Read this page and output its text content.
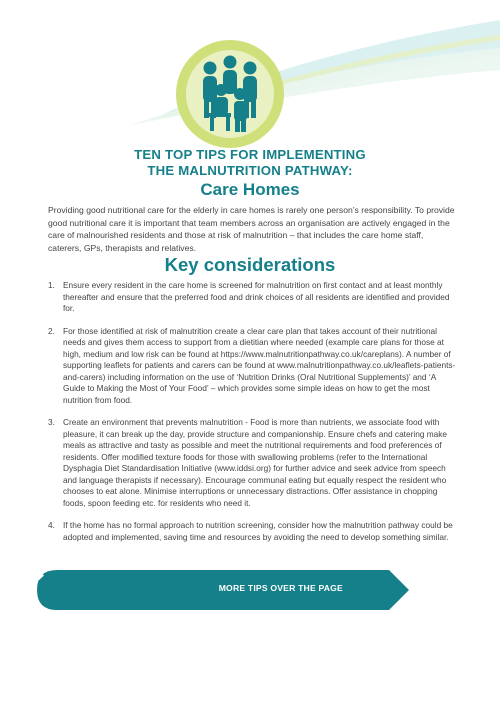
TEN TOP TIPS FOR IMPLEMENTING
THE MALNUTRITION PATHWAY:
Care Homes

Providing good nutritional care for the elderly in care homes is rarely one person’s responsibility. To provide good nutritional care it is important that team members across an organisation are actively engaged in the care of malnourished residents and those at risk of malnutrition – that includes the care home staff, caterers, GPs, therapists and relatives.

Key considerations
1. Ensure every resident in the care home is screened for malnutrition on first contact and at least monthly thereafter and ensure that the preferred food and drink choices of all residents are identified and provided for.
2. For those identified at risk of malnutrition create a clear care plan that takes account of their nutritional needs and gives them access to support from a dietitian where needed (example care plans for those at high, medium and low risk can be found at https://www.malnutritionpathway.co.uk/careplans). A number of supporting leaflets for patients and carers can be found at www.malnutritionpathway.co.uk/leaflets-patients-and-carers) including information on the use of ‘Nutrition Drinks (Oral Nutritional Supplements)’ and ‘A Guide to Making the Most of Your Food’ – which provides some simple ideas on how to get the most nutrition from food.
3. Create an environment that prevents malnutrition - Food is more than nutrients, we associate food with pleasure, it can break up the day, provide structure and companionship. Ensure chefs and catering make meals as attractive and tasty as possible and meet the nutritional requirements and food preferences of residents. Offer modified texture foods for those with swallowing problems (refer to the International Dysphagia Diet Standardisation Initiative (www.iddsi.org) for further advice and seek advice from speech and language therapists if necessary). Encourage communal eating but equally respect the resident who chooses to eat alone. Minimise interruptions or unnecessary distractions. Offer assistance in chopping foods, spoon feeding etc. for residents who need it.
4. If the home has no formal approach to nutrition screening, consider how the malnutrition pathway could be adopted and implemented, saving time and resources by avoiding the need to develop something similar.
MORE TIPS OVER THE PAGE
